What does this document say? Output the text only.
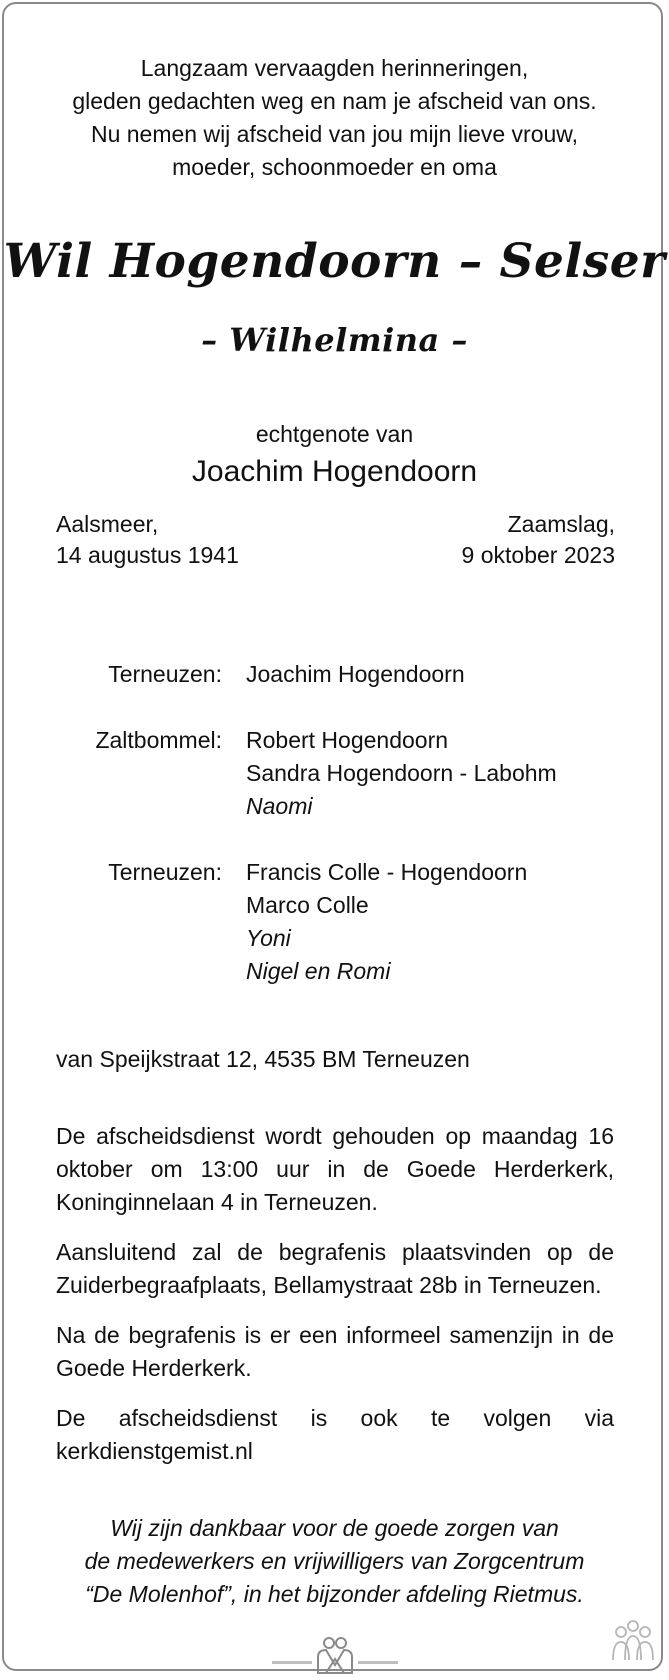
Langzaam vervaagden herinneringen,
gleden gedachten weg en nam je afscheid van ons.
Nu nemen wij afscheid van jou mijn lieve vrouw,
moeder, schoonmoeder en oma
Wil Hogendoorn – Selser
– Wilhelmina –
echtgenote van
Joachim Hogendoorn
Aalsmeer,
14 augustus 1941
Zaamslag,
9 oktober 2023
Terneuzen:	Joachim Hogendoorn
Zaltbommel:	Robert Hogendoorn
Sandra Hogendoorn - Labohm
Naomi
Terneuzen:	Francis Colle - Hogendoorn
Marco Colle
Yoni
Nigel en Romi
van Speijkstraat 12, 4535 BM Terneuzen

De afscheidsdienst wordt gehouden op maandag 16 oktober om 13:00 uur in de Goede Herderkerk, Koninginnelaan 4 in Terneuzen.

Aansluitend zal de begrafenis plaatsvinden op de Zuiderbegraafplaats, Bellamystraat 28b in Terneuzen.

Na de begrafenis is er een informeel samenzijn in de Goede Herderkerk.

De afscheidsdienst is ook te volgen via kerkdienstgemist.nl

Wij zijn dankbaar voor de goede zorgen van
de medewerkers en vrijwilligers van Zorgcentrum
“De Molenhof”, in het bijzonder afdeling Rietmus.
